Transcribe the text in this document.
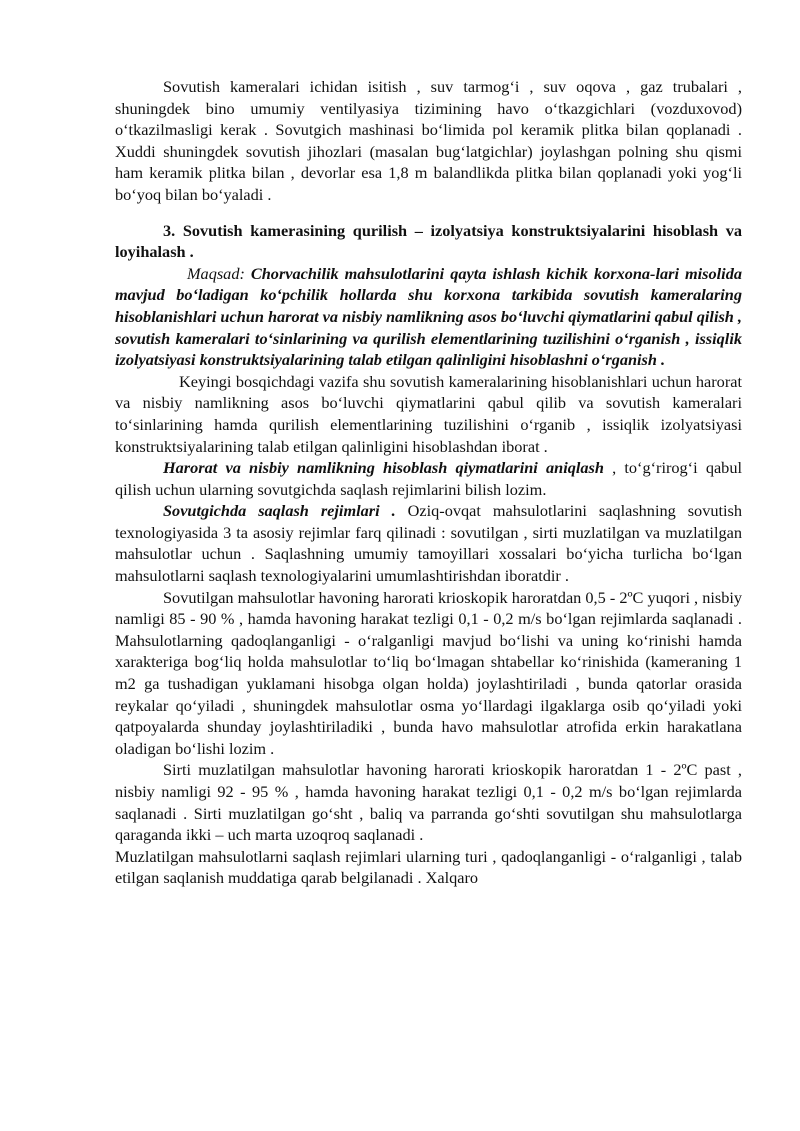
Sovutish kameralari ichidan isitish , suv tarmog‘i , suv oqova , gaz trubalari , shuningdek bino umumiy ventilyasiya tizimining havo o‘tkazgichlari (vozduxovod) o‘tkazilmasligi kerak . Sovutgich mashinasi bo‘limida pol keramik plitka bilan qoplanadi . Xuddi shuningdek sovutish jihozlari (masalan bug‘latgichlar) joylashgan polning shu qismi ham keramik plitka bilan , devorlar esa 1,8 m balandlikda plitka bilan qoplanadi yoki yog‘li bo‘yoq bilan bo‘yaladi .

3. Sovutish kamerasining qurilish – izolyatsiya konstruktsiyalarini hisoblash va loyihalash .

Maqsad: Chorvachilik mahsulotlarini qayta ishlash kichik korxona-lari misolida mavjud bo‘ladigan ko‘pchilik hollarda shu korxona tarkibida sovutish kameralaring hisoblanishlari uchun harorat va nisbiy namlikning asos bo‘luvchi qiymatlarini qabul qilish , sovutish kameralari to‘sinlarining va qurilish elementlarining tuzilishini o‘rganish , issiqlik izolyatsiyasi konstruktsiyalarining talab etilgan qalinligini hisoblashni o‘rganish .

Keyingi bosqichdagi vazifa shu sovutish kameralarining hisoblanishlari uchun harorat va nisbiy namlikning asos bo‘luvchi qiymatlarini qabul qilib va sovutish kameralari to‘sinlarining hamda qurilish elementlarining tuzilishini o‘rganib , issiqlik izolyatsiyasi konstruktsiyalarining talab etilgan qalinligini hisoblashdan iborat .

Harorat va nisbiy namlikning hisoblash qiymatlarini aniqlash , to‘g‘rirog‘i qabul qilish uchun ularning sovutgichda saqlash rejimlarini bilish lozim.

Sovutgichda saqlash rejimlari . Oziq-ovqat mahsulotlarini saqlashning sovutish texnologiyasida 3 ta asosiy rejimlar farq qilinadi : sovutilgan , sirti muzlatilgan va muzlatilgan mahsulotlar uchun . Saqlashning umumiy tamoyillari xossalari bo‘yicha turlicha bo‘lgan mahsulotlarni saqlash texnologiyalarini umumlashtirishdan iboratdir .

Sovutilgan mahsulotlar havoning harorati krioskopik haroratdan 0,5 - 2ºC yuqori , nisbiy namligi 85 - 90 % , hamda havoning harakat tezligi 0,1 - 0,2 m/s bo‘lgan rejimlarda saqlanadi . Mahsulotlarning qadoqlanganligi - o‘ralganligi mavjud bo‘lishi va uning ko‘rinishi hamda xarakteriga bog‘liq holda mahsulotlar to‘liq bo‘lmagan shtabellar ko‘rinishida (kameraning 1 m2 ga tushadigan yuklamani hisobga olgan holda) joylashtiriladi , bunda qatorlar orasida reykalar qo‘yiladi , shuningdek mahsulotlar osma yo‘llardagi ilgaklarga osib qo‘yiladi yoki qatpoyalarda shunday joylashtiriladiki , bunda havo mahsulotlar atrofida erkin harakatlana oladigan bo‘lishi lozim .

Sirti muzlatilgan mahsulotlar havoning harorati krioskopik haroratdan 1 - 2ºC past , nisbiy namligi 92 - 95 % , hamda havoning harakat tezligi 0,1 - 0,2 m/s bo‘lgan rejimlarda saqlanadi . Sirti muzlatilgan go‘sht , baliq va parranda go‘shti sovutilgan shu mahsulotlarga qaraganda ikki – uch marta uzoqroq saqlanadi .

Muzlatilgan mahsulotlarni saqlash rejimlari ularning turi , qadoqlanganligi - o‘ralganligi , talab etilgan saqlanish muddatiga qarab belgilanadi . Xalqaro
